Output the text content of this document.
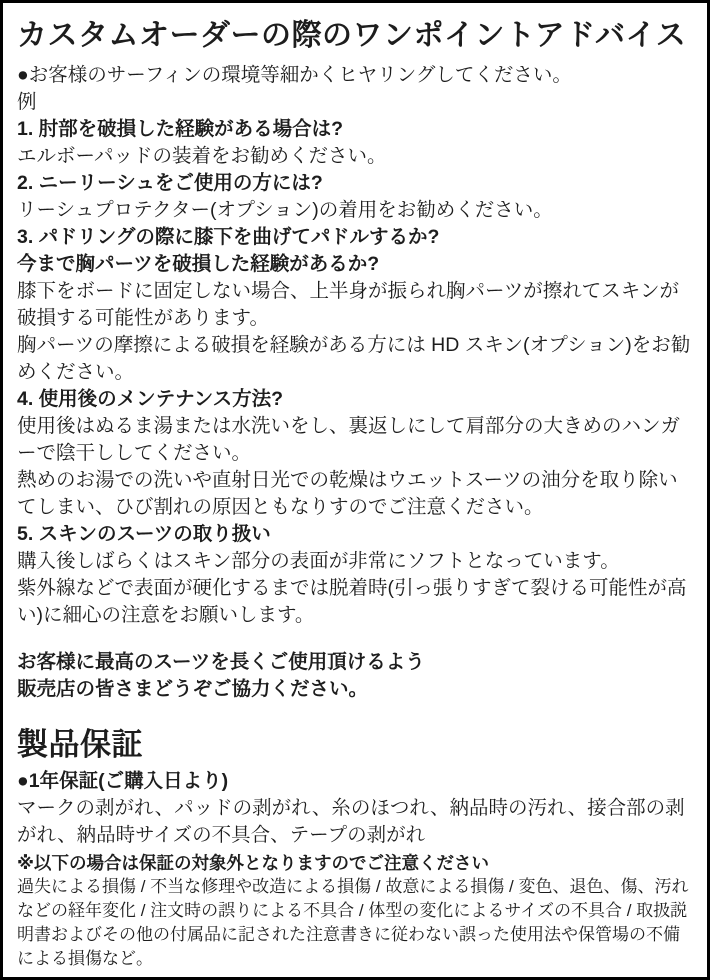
カスタムオーダーの際のワンポイントアドバイス

●お客様のサーフィンの環境等細かくヒヤリングしてください。

例

1. 肘部を破損した経験がある場合は?

エルボーパッドの装着をお勧めください。

2. ニーリーシュをご使用の方には?

リーシュプロテクター(オプション)の着用をお勧めください。

3. パドリングの際に膝下を曲げてパドルするか?

今まで胸パーツを破損した経験があるか?

膝下をボードに固定しない場合、上半身が振られ胸パーツが擦れてスキンが破損する可能性があります。

胸パーツの摩擦による破損を経験がある方には HD スキン(オプション)をお勧めください。

4. 使用後のメンテナンス方法?

使用後はぬるま湯または水洗いをし、裏返しにして肩部分の大きめのハンガーで陰干ししてください。

熱めのお湯での洗いや直射日光での乾燥はウエットスーツの油分を取り除いてしまい、ひび割れの原因ともなりすのでご注意ください。

5. スキンのスーツの取り扱い

購入後しばらくはスキン部分の表面が非常にソフトとなっています。

紫外線などで表面が硬化するまでは脱着時(引っ張りすぎて裂ける可能性が高い)に細心の注意をお願いします。

お客様に最高のスーツを長くご使用頂けるよう

販売店の皆さまどうぞご協力ください。

製品保証

●1年保証(ご購入日より)

マークの剥がれ、パッドの剥がれ、糸のほつれ、納品時の汚れ、接合部の剥がれ、納品時サイズの不具合、テープの剥がれ

※以下の場合は保証の対象外となりますのでご注意ください

過失による損傷 / 不当な修理や改造による損傷 / 故意による損傷 / 変色、退色、傷、汚れなどの経年変化 / 注文時の誤りによる不具合 / 体型の変化によるサイズの不具合 / 取扱説明書およびその他の付属品に記された注意書きに従わない誤った使用法や保管場の不備による損傷など。
